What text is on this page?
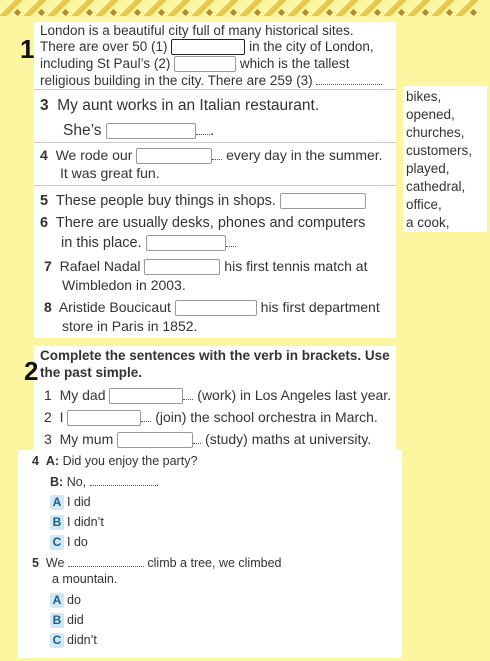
1
London is a beautiful city full of many historical sites.
There are over 50 (1)	in the city of London,
including St Paul’s (2)	which is the tallest
religious building in the city. There are 259 (3)
3 My aunt works in an Italian restaurant.
She’s	.
4 We rode our	every day in the summer.
It was great fun.
5 These people buy things in shops.
6 There are usually desks, phones and computers
in this place.
7 Rafael Nadal	his first tennis match at
Wimbledon in 2003.
8 Aristide Boucicaut	his first department
store in Paris in 1852.
bikes,
opened,
churches,
customers,
played,
cathedral,
office,
a cook,
2
Complete the sentences with the verb in brackets. Use
the past simple.
1 My dad	(work) in Los Angeles last year.
2 I	(join) the school orchestra in March.
3 My mum	(study) maths at university.
4 A: Did you enjoy the party?
B: No,	.
A I did
B I didn’t
C I do
5 We	climb a tree, we climbed
a mountain.
A do
B did
C didn’t
